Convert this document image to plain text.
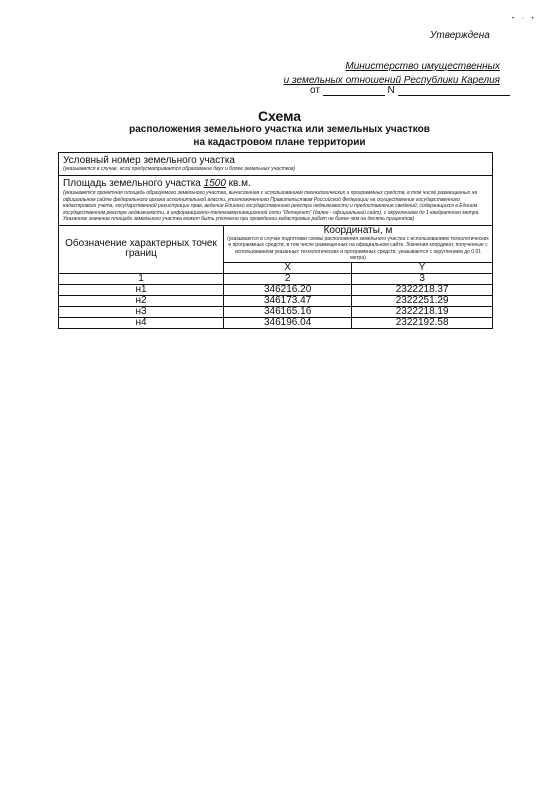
• ◦ •
Утверждена
Министерство имущественных
и земельных отношений Республики Карелия
от	N
Схема
расположения земельного участка или земельных участков
на кадастровом плане территории
Условный номер земельного участка
(указывается в случае, если предусматривается образование двух и более земельных участков)
Площадь земельного участка 1500 кв.м.
(указывается проектная площадь образуемого земельного участка, вычисленная с использованием технологических и программных средств, в том числе размещенных на официальном сайте федерального органа исполнительной власти, уполномоченного Правительством Российской Федерации на осуществление государственного кадастрового учета, государственной регистрации прав, ведение Единого государственного реестра недвижимости и предоставление сведений, содержащихся в Едином государственном реестре недвижимости, в информационно-телекоммуникационной сети "Интернет" (далее - официальный сайт), с округлением до 1 квадратного метра. Указанное значение площади земельного участка может быть уточнено при проведении кадастровых работ не более чем на десять процентов)
Обозначение характерных точек границ	Координаты, м
(указываются в случае подготовки схемы расположения земельного участка с использованием технологических и программных средств, в том числе размещенных на официальном сайте. Значения координат, полученные с использованием указанных технологических и программных средств, указываются с округлением до 0,01 метра)	

	X	Y
1	2	3
н1	346216.20	2322218.37
н2	346173.47	2322251.29
н3	346165.16	2322218.19
н4	346196.04	2322192.58
